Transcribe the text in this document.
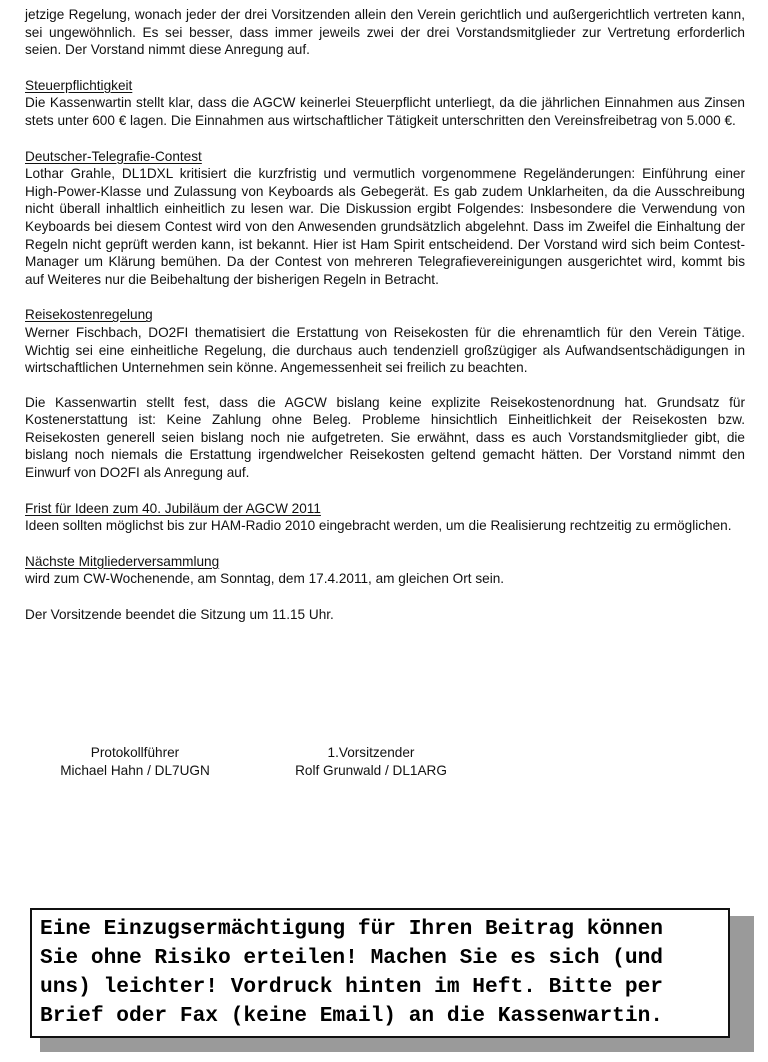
jetzige Regelung, wonach jeder der drei Vorsitzenden allein den Verein gerichtlich und außergerichtlich vertreten kann, sei ungewöhnlich. Es sei besser, dass immer jeweils zwei der drei Vorstandsmitglieder zur Vertretung erforderlich seien. Der Vorstand nimmt diese Anregung auf.

Steuerpflichtigkeit

Die Kassenwartin stellt klar, dass die AGCW keinerlei Steuerpflicht unterliegt, da die jährlichen Einnahmen aus Zinsen stets unter 600 € lagen. Die Einnahmen aus wirtschaftlicher Tätigkeit unterschritten den Vereinsfreibetrag von 5.000 €.

Deutscher-Telegrafie-Contest

Lothar Grahle, DL1DXL kritisiert die kurzfristig und vermutlich vorgenommene Regeländerungen: Einführung einer High-Power-Klasse und Zulassung von Keyboards als Gebegerät. Es gab zudem Unklarheiten, da die Ausschreibung nicht überall inhaltlich einheitlich zu lesen war. Die Diskussion ergibt Folgendes: Insbesondere die Verwendung von Keyboards bei diesem Contest wird von den Anwesenden grundsätzlich abgelehnt. Dass im Zweifel die Einhaltung der Regeln nicht geprüft werden kann, ist bekannt. Hier ist Ham Spirit entscheidend. Der Vorstand wird sich beim Contest-Manager um Klärung bemühen. Da der Contest von mehreren Telegrafievereinigungen ausgerichtet wird, kommt bis auf Weiteres nur die Beibehaltung der bisherigen Regeln in Betracht.

Reisekostenregelung

Werner Fischbach, DO2FI thematisiert die Erstattung von Reisekosten für die ehrenamtlich für den Verein Tätige. Wichtig sei eine einheitliche Regelung, die durchaus auch tendenziell großzügiger als Aufwandsentschädigungen in wirtschaftlichen Unternehmen sein könne. Angemessenheit sei freilich zu beachten.

Die Kassenwartin stellt fest, dass die AGCW bislang keine explizite Reisekostenordnung hat. Grundsatz für Kostenerstattung ist: Keine Zahlung ohne Beleg. Probleme hinsichtlich Einheitlichkeit der Reisekosten bzw. Reisekosten generell seien bislang noch nie aufgetreten. Sie erwähnt, dass es auch Vorstandsmitglieder gibt, die bislang noch niemals die Erstattung irgendwelcher Reisekosten geltend gemacht hätten. Der Vorstand nimmt den Einwurf von DO2FI als Anregung auf.

Frist für Ideen zum 40. Jubiläum der AGCW 2011

Ideen sollten möglichst bis zur HAM-Radio 2010 eingebracht werden, um die Realisierung rechtzeitig zu ermöglichen.

Nächste Mitgliederversammlung

wird zum CW-Wochenende, am Sonntag, dem 17.4.2011, am gleichen Ort sein.

Der Vorsitzende beendet die Sitzung um 11.15 Uhr.

Protokollführer
Michael Hahn / DL7UGN
1.Vorsitzender
Rolf Grunwald / DL1ARG
Eine Einzugsermächtigung für Ihren Beitrag können
Sie ohne Risiko erteilen! Machen Sie es sich (und
uns) leichter! Vordruck hinten im Heft. Bitte per
Brief oder Fax (keine Email) an die Kassenwartin.
